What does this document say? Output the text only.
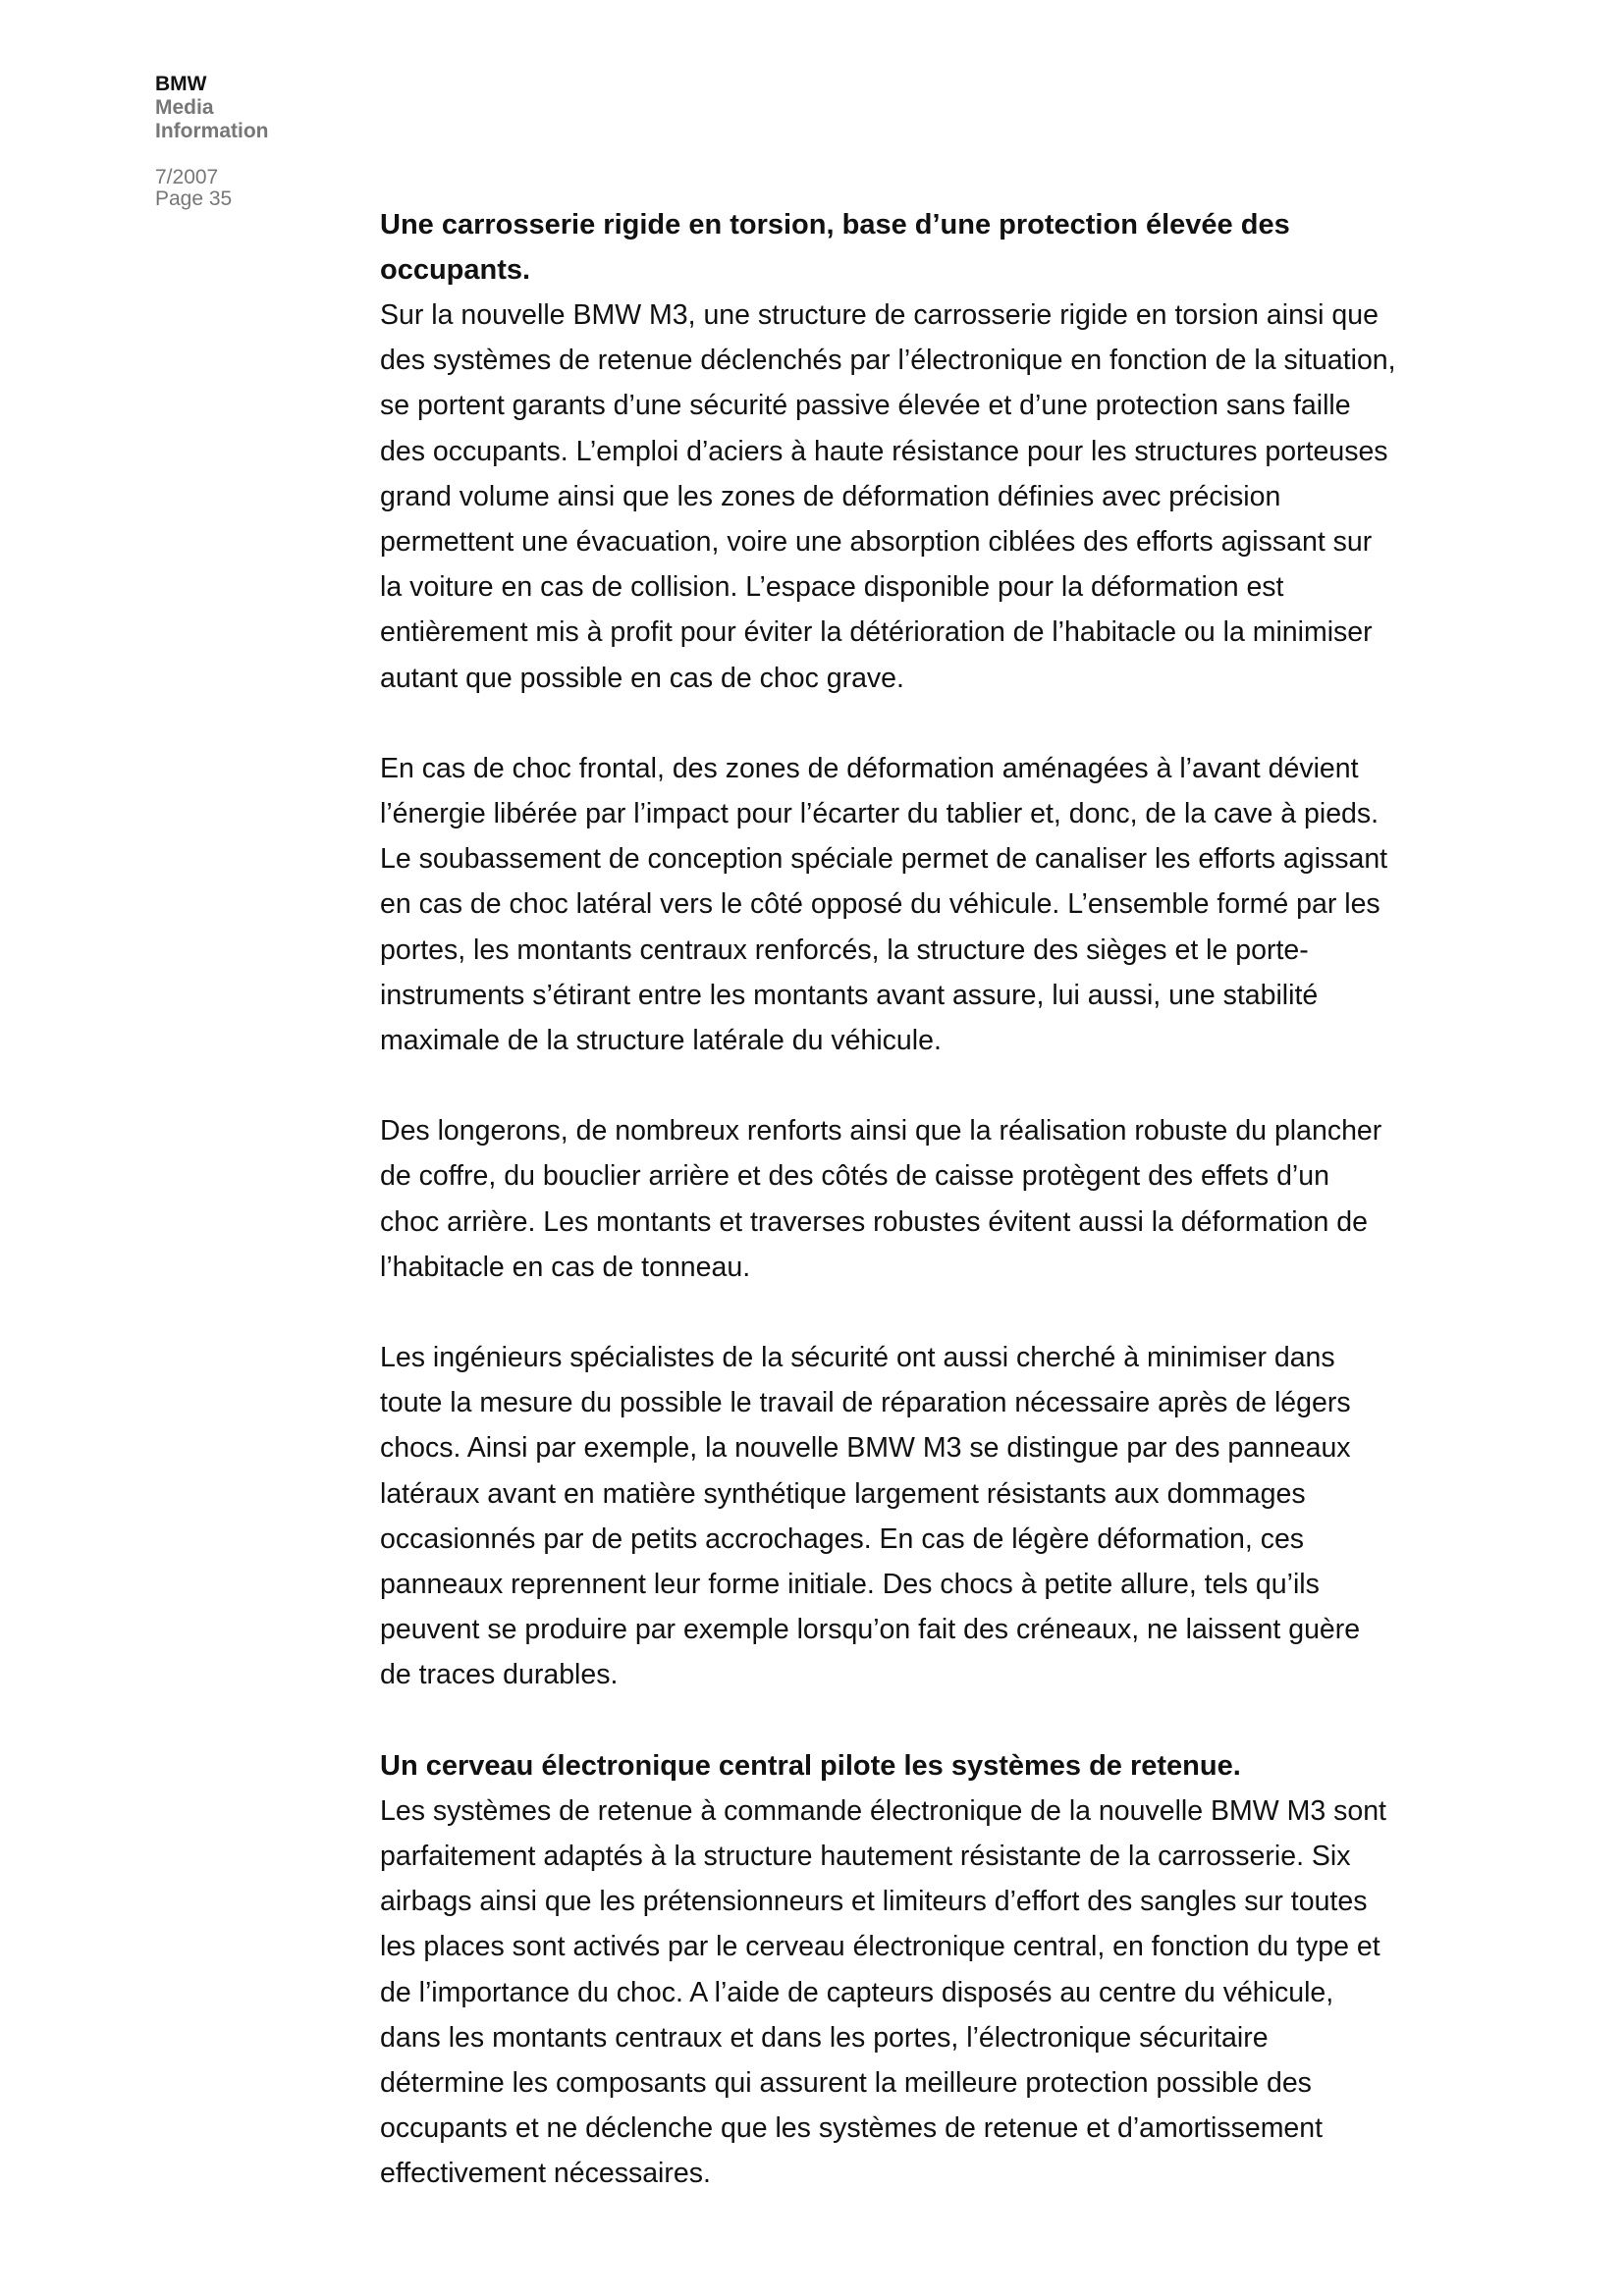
BMW

Media

Information

7/2007
Page 35
Une carrosserie rigide en torsion, base d’une protection élevée des occupants.

Sur la nouvelle BMW M3, une structure de carrosserie rigide en torsion ainsi que des systèmes de retenue déclenchés par l’électronique en fonction de la situation, se portent garants d’une sécurité passive élevée et d’une protection sans faille des occupants. L’emploi d’aciers à haute résistance pour les structures porteuses grand volume ainsi que les zones de déformation définies avec précision permettent une évacuation, voire une absorption ciblées des efforts agissant sur la voiture en cas de collision. L’espace disponible pour la déformation est entièrement mis à profit pour éviter la détérioration de l’habitacle ou la minimiser autant que possible en cas de choc grave.

En cas de choc frontal, des zones de déformation aménagées à l’avant dévient l’énergie libérée par l’impact pour l’écarter du tablier et, donc, de la cave à pieds. Le soubassement de conception spéciale permet de canaliser les efforts agissant en cas de choc latéral vers le côté opposé du véhicule. L’ensemble formé par les portes, les montants centraux renforcés, la structure des sièges et le porte-instruments s’étirant entre les montants avant assure, lui aussi, une stabilité maximale de la structure latérale du véhicule.

Des longerons, de nombreux renforts ainsi que la réalisation robuste du plancher de coffre, du bouclier arrière et des côtés de caisse protègent des effets d’un choc arrière. Les montants et traverses robustes évitent aussi la déformation de l’habitacle en cas de tonneau.

Les ingénieurs spécialistes de la sécurité ont aussi cherché à minimiser dans toute la mesure du possible le travail de réparation nécessaire après de légers chocs. Ainsi par exemple, la nouvelle BMW M3 se distingue par des panneaux latéraux avant en matière synthétique largement résistants aux dommages occasionnés par de petits accrochages. En cas de légère déformation, ces panneaux reprennent leur forme initiale. Des chocs à petite allure, tels qu’ils peuvent se produire par exemple lorsqu’on fait des créneaux, ne laissent guère de traces durables.

Un cerveau électronique central pilote les systèmes de retenue.

Les systèmes de retenue à commande électronique de la nouvelle BMW M3 sont parfaitement adaptés à la structure hautement résistante de la carrosserie. Six airbags ainsi que les prétensionneurs et limiteurs d’effort des sangles sur toutes les places sont activés par le cerveau électronique central, en fonction du type et de l’importance du choc. A l’aide de capteurs disposés au centre du véhicule, dans les montants centraux et dans les portes, l’électronique sécuritaire détermine les composants qui assurent la meilleure protection possible des occupants et ne déclenche que les systèmes de retenue et d’amortissement effectivement nécessaires.
